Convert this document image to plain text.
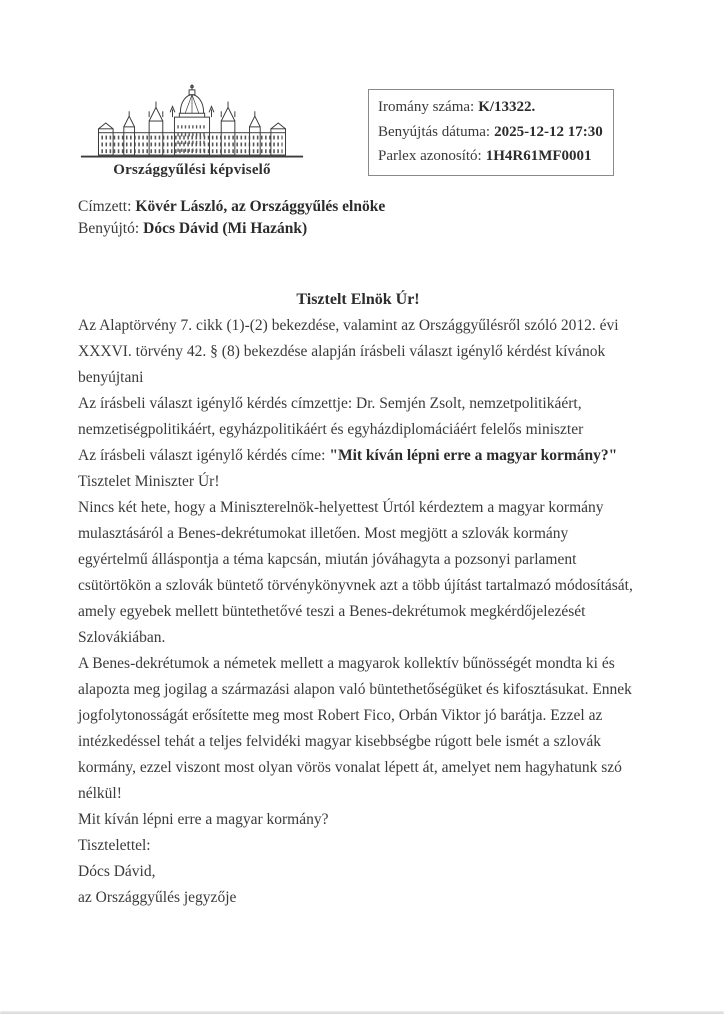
Országgyűlési képviselő
Iromány száma: K/13322.
Benyújtás dátuma: 2025-12-12 17:30
Parlex azonosító: 1H4R61MF0001
Címzett: Kövér László, az Országgyűlés elnöke
Benyújtó: Dócs Dávid (Mi Hazánk)

Tisztelt Elnök Úr!

Az Alaptörvény 7. cikk (1)-(2) bekezdése, valamint az Országgyűlésről szóló 2012. évi XXXVI. törvény 42. § (8) bekezdése alapján írásbeli választ igénylő kérdést kívánok benyújtani

Az írásbeli választ igénylő kérdés címzettje: Dr. Semjén Zsolt, nemzetpolitikáért, nemzetiségpolitikáért, egyházpolitikáért és egyházdiplomáciáért felelős miniszter

Az írásbeli választ igénylő kérdés címe: "Mit kíván lépni erre a magyar kormány?"

Tisztelet Miniszter Úr!

Nincs két hete, hogy a Miniszterelnök-helyettest Úrtól kérdeztem a magyar kormány mulasztásáról a Benes-dekrétumokat illetően. Most megjött a szlovák kormány egyértelmű álláspontja a téma kapcsán, miután jóváhagyta a pozsonyi parlament csütörtökön a szlovák büntető törvénykönyvnek azt a több újítást tartalmazó módosítását, amely egyebek mellett büntethetővé teszi a Benes-dekrétumok megkérdőjelezését Szlovákiában.

A Benes-dekrétumok a németek mellett a magyarok kollektív bűnösségét mondta ki és alapozta meg jogilag a származási alapon való büntethetőségüket és kifosztásukat. Ennek jogfolytonosságát erősítette meg most Robert Fico, Orbán Viktor jó barátja. Ezzel az intézkedéssel tehát a teljes felvidéki magyar kisebbségbe rúgott bele ismét a szlovák kormány, ezzel viszont most olyan vörös vonalat lépett át, amelyet nem hagyhatunk szó nélkül!

Mit kíván lépni erre a magyar kormány?

Tisztelettel:

Dócs Dávid,

az Országgyűlés jegyzője
